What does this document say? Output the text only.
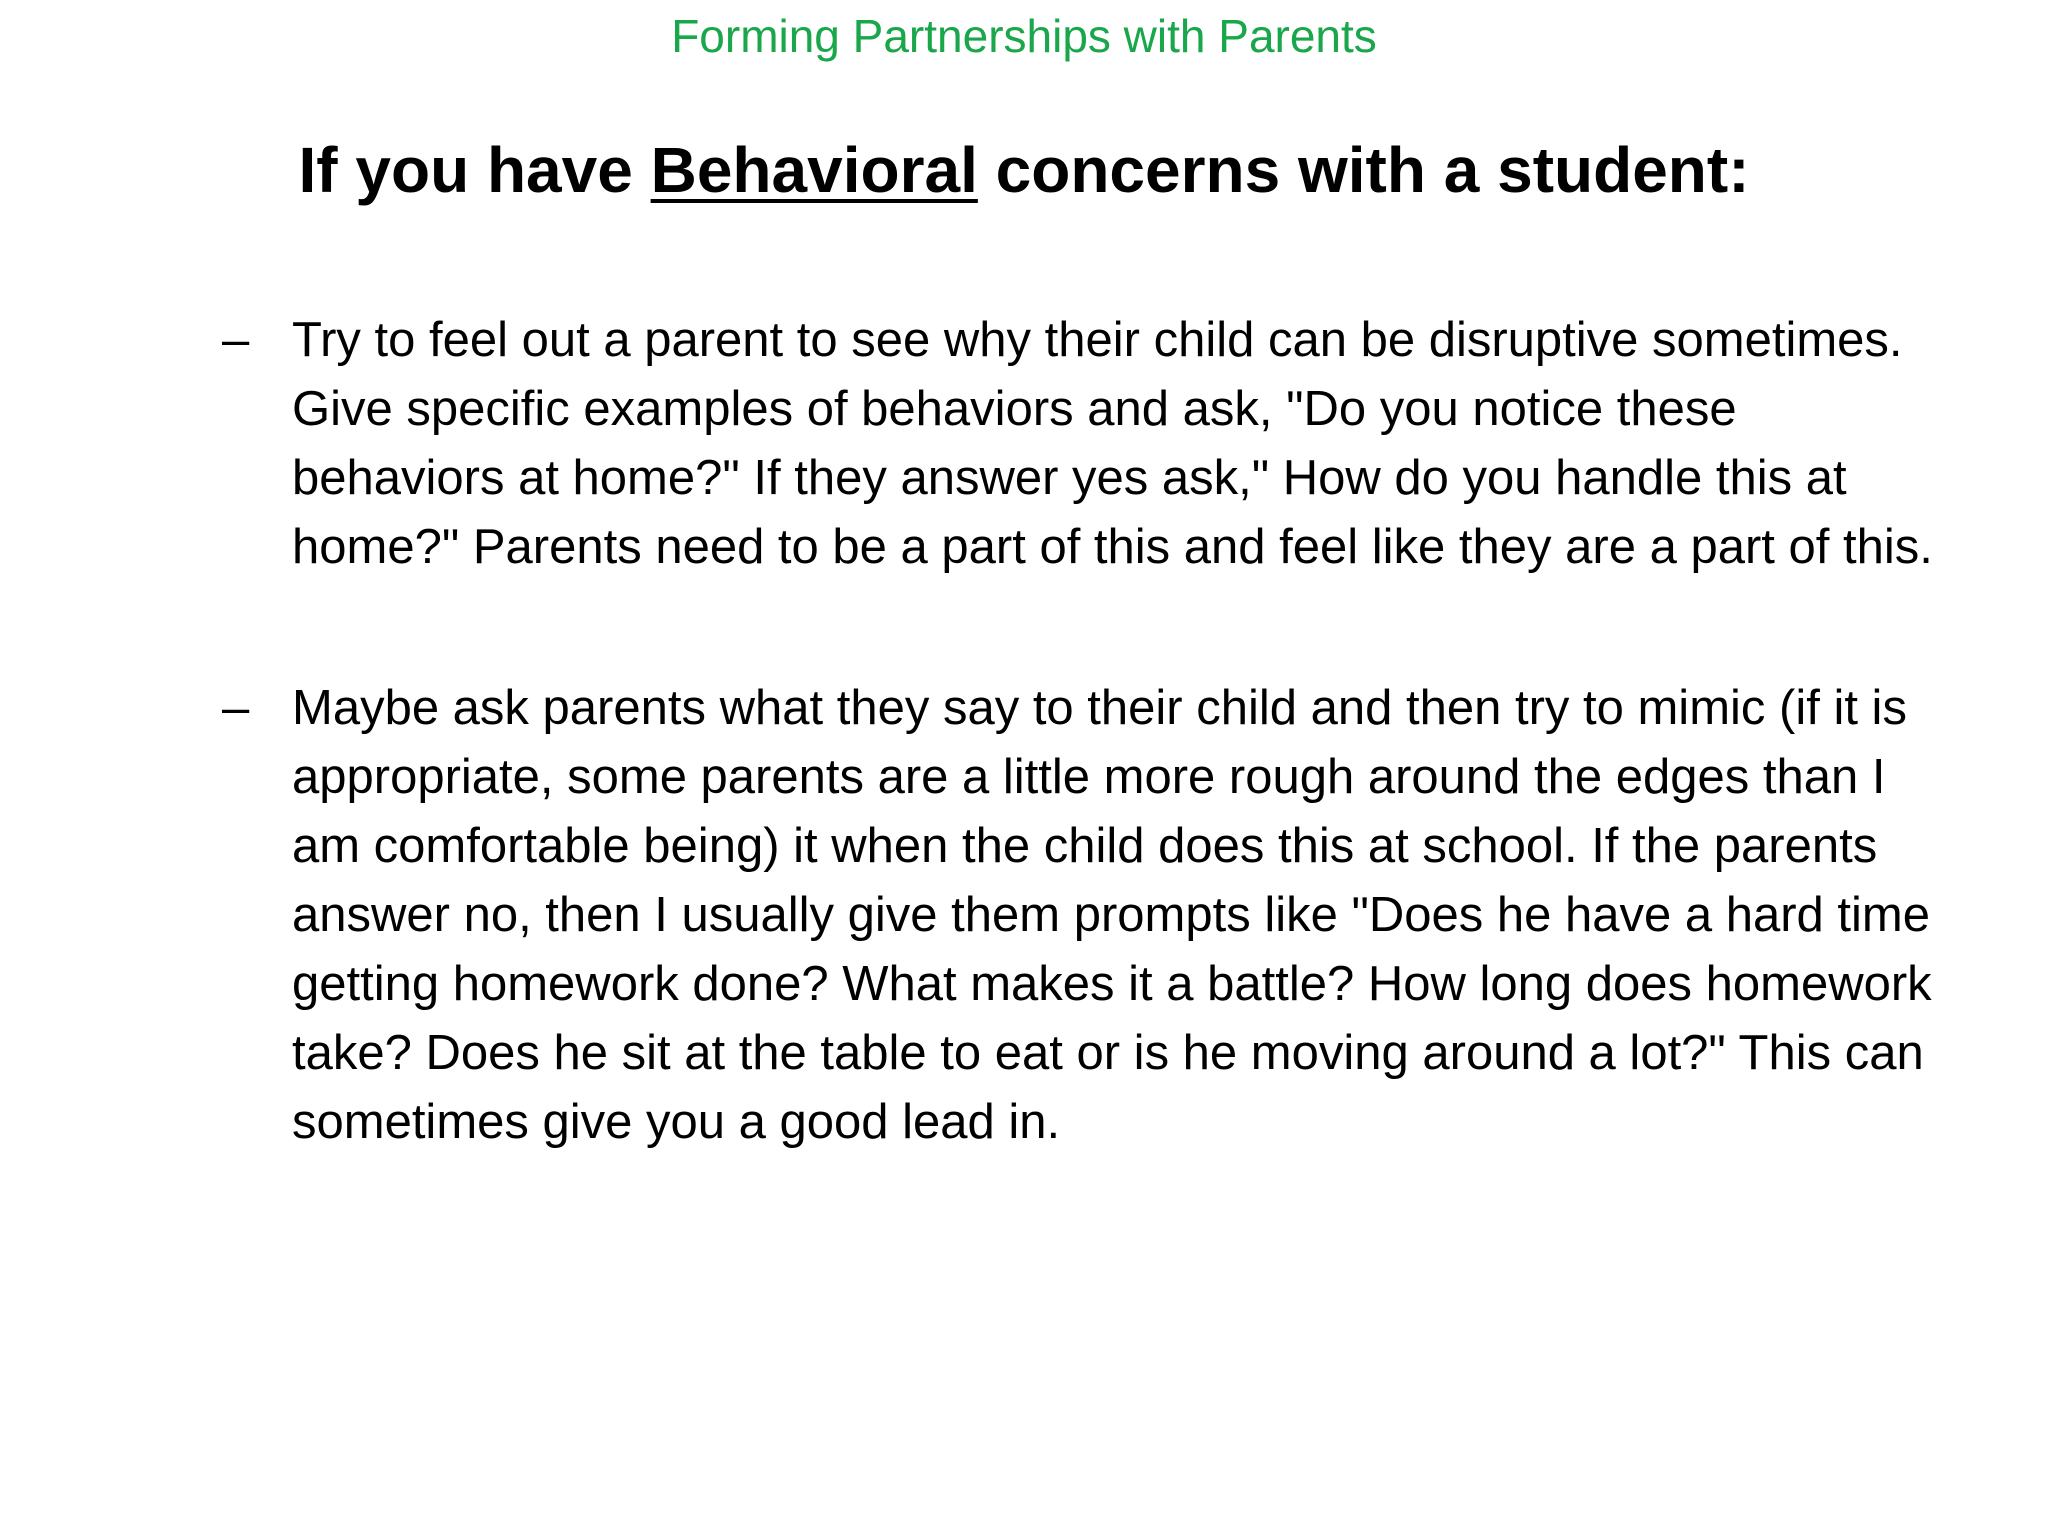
Forming Partnerships with Parents
If you have Behavioral concerns with a student:
– Try to feel out a parent to see why their child can be disruptive sometimes. Give specific examples of behaviors and ask, "Do you notice these behaviors at home?" If they answer yes ask," How do you handle this at home?" Parents need to be a part of this and feel like they are a part of this.
– Maybe ask parents what they say to their child and then try to mimic (if it is appropriate, some parents are a little more rough around the edges than I am comfortable being) it when the child does this at school. If the parents answer no, then I usually give them prompts like "Does he have a hard time getting homework done? What makes it a battle? How long does homework take? Does he sit at the table to eat or is he moving around a lot?" This can sometimes give you a good lead in.
